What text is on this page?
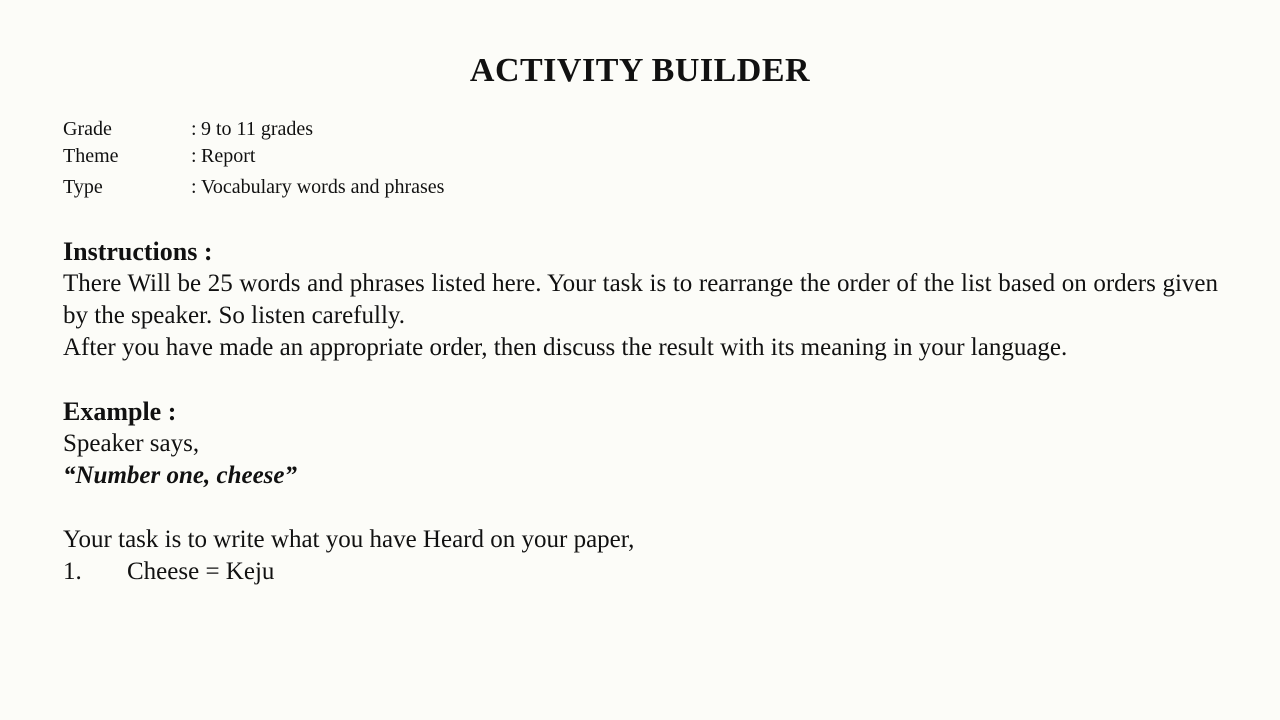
ACTIVITY BUILDER
Grade	: 9 to 11 grades
Theme	: Report
Type	: Vocabulary words and phrases
Instructions :
There Will be 25 words and phrases listed here. Your task is to rearrange the order of the list based on orders given by the speaker. So listen carefully.
After you have made an appropriate order, then discuss the result with its meaning in your language.
Example :
Speaker says,
“Number one, cheese”
Your task is to write what you have Heard on your paper,
1.	Cheese = Keju
